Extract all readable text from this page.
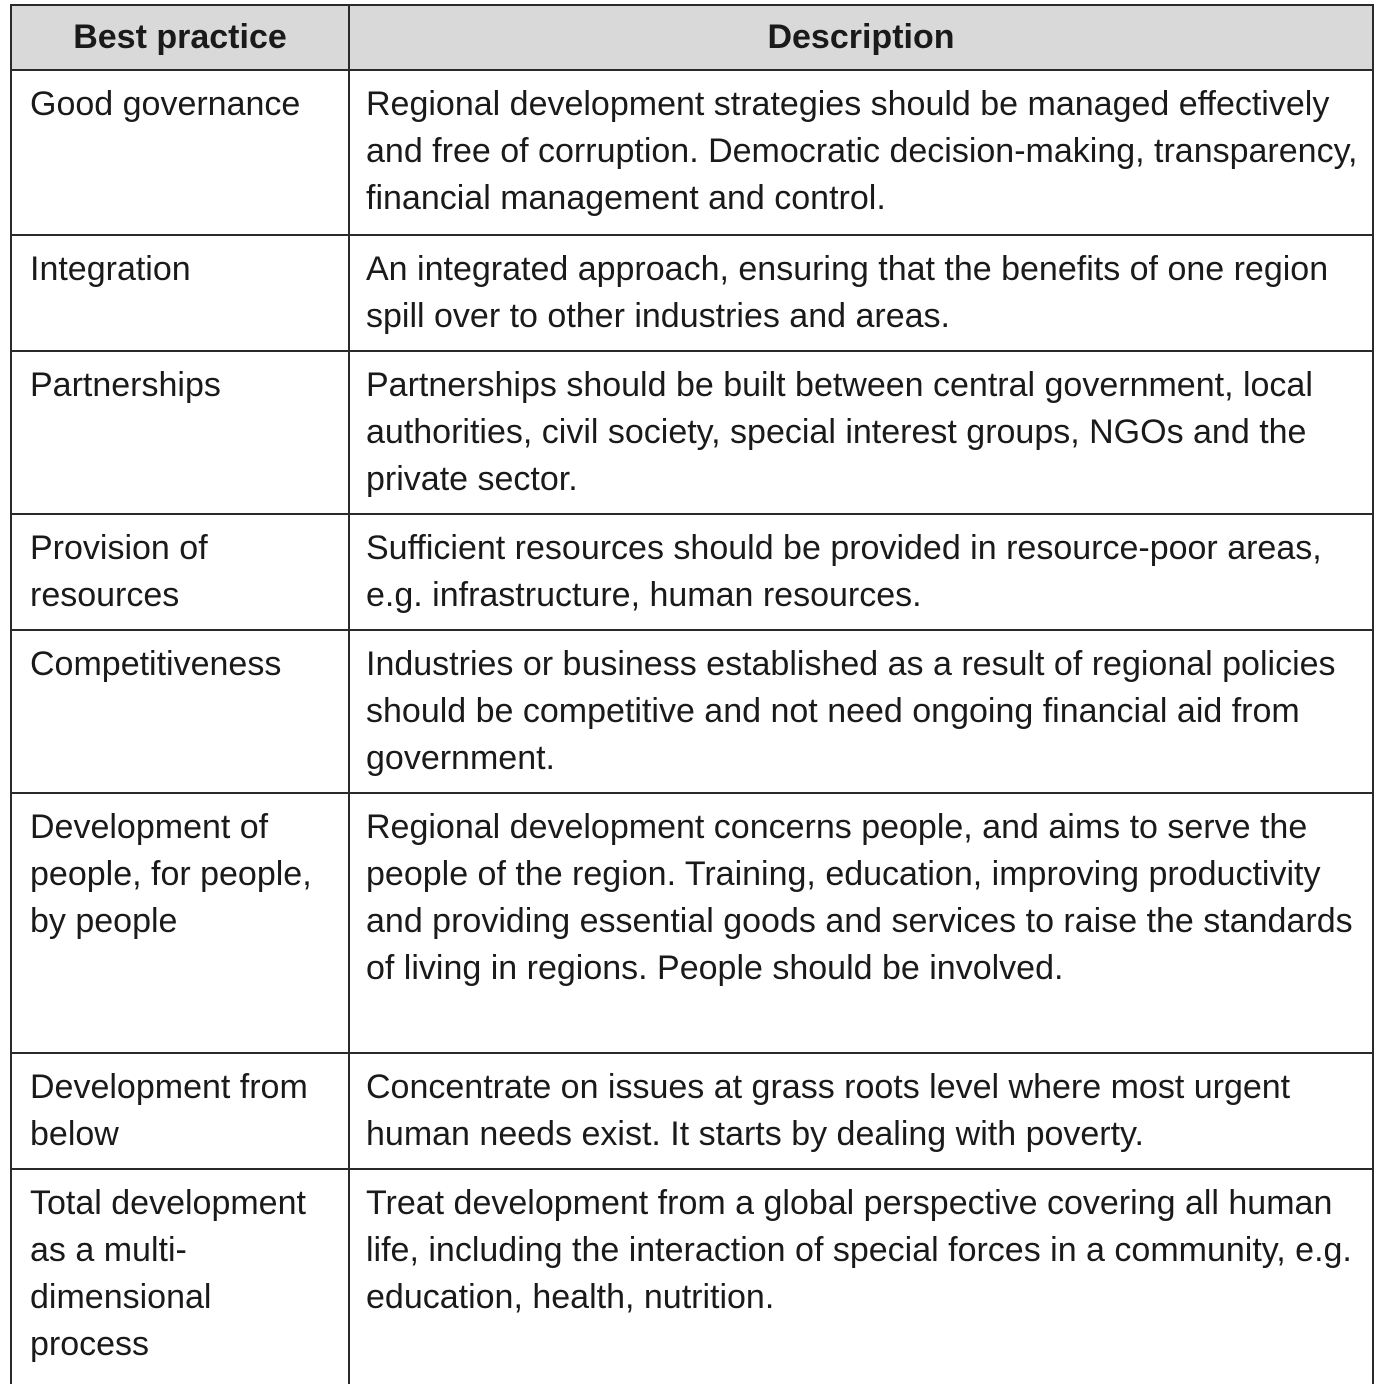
Best practice	Description
Good governance	Regional development strategies should be managed effectively and free of corruption. Democratic decision-making, transparency, financial management and control.
Integration	An integrated approach, ensuring that the benefits of one region spill over to other industries and areas.
Partnerships	Partnerships should be built between central government, local authorities, civil society, special interest groups, NGOs and the private sector.
Provision of resources	Sufficient resources should be provided in resource-poor areas, e.g. infrastructure, human resources.
Competitiveness	Industries or business established as a result of regional policies should be competitive and not need ongoing financial aid from government.
Development of people, for people, by people	Regional development concerns people, and aims to serve the people of the region. Training, education, improving productivity and providing essential goods and services to raise the standards of living in regions. People should be involved.
Development from below	Concentrate on issues at grass roots level where most urgent human needs exist. It starts by dealing with poverty.
Total development as a multi-dimensional process	Treat development from a global perspective covering all human life, including the interaction of special forces in a community, e.g. education, health, nutrition.
